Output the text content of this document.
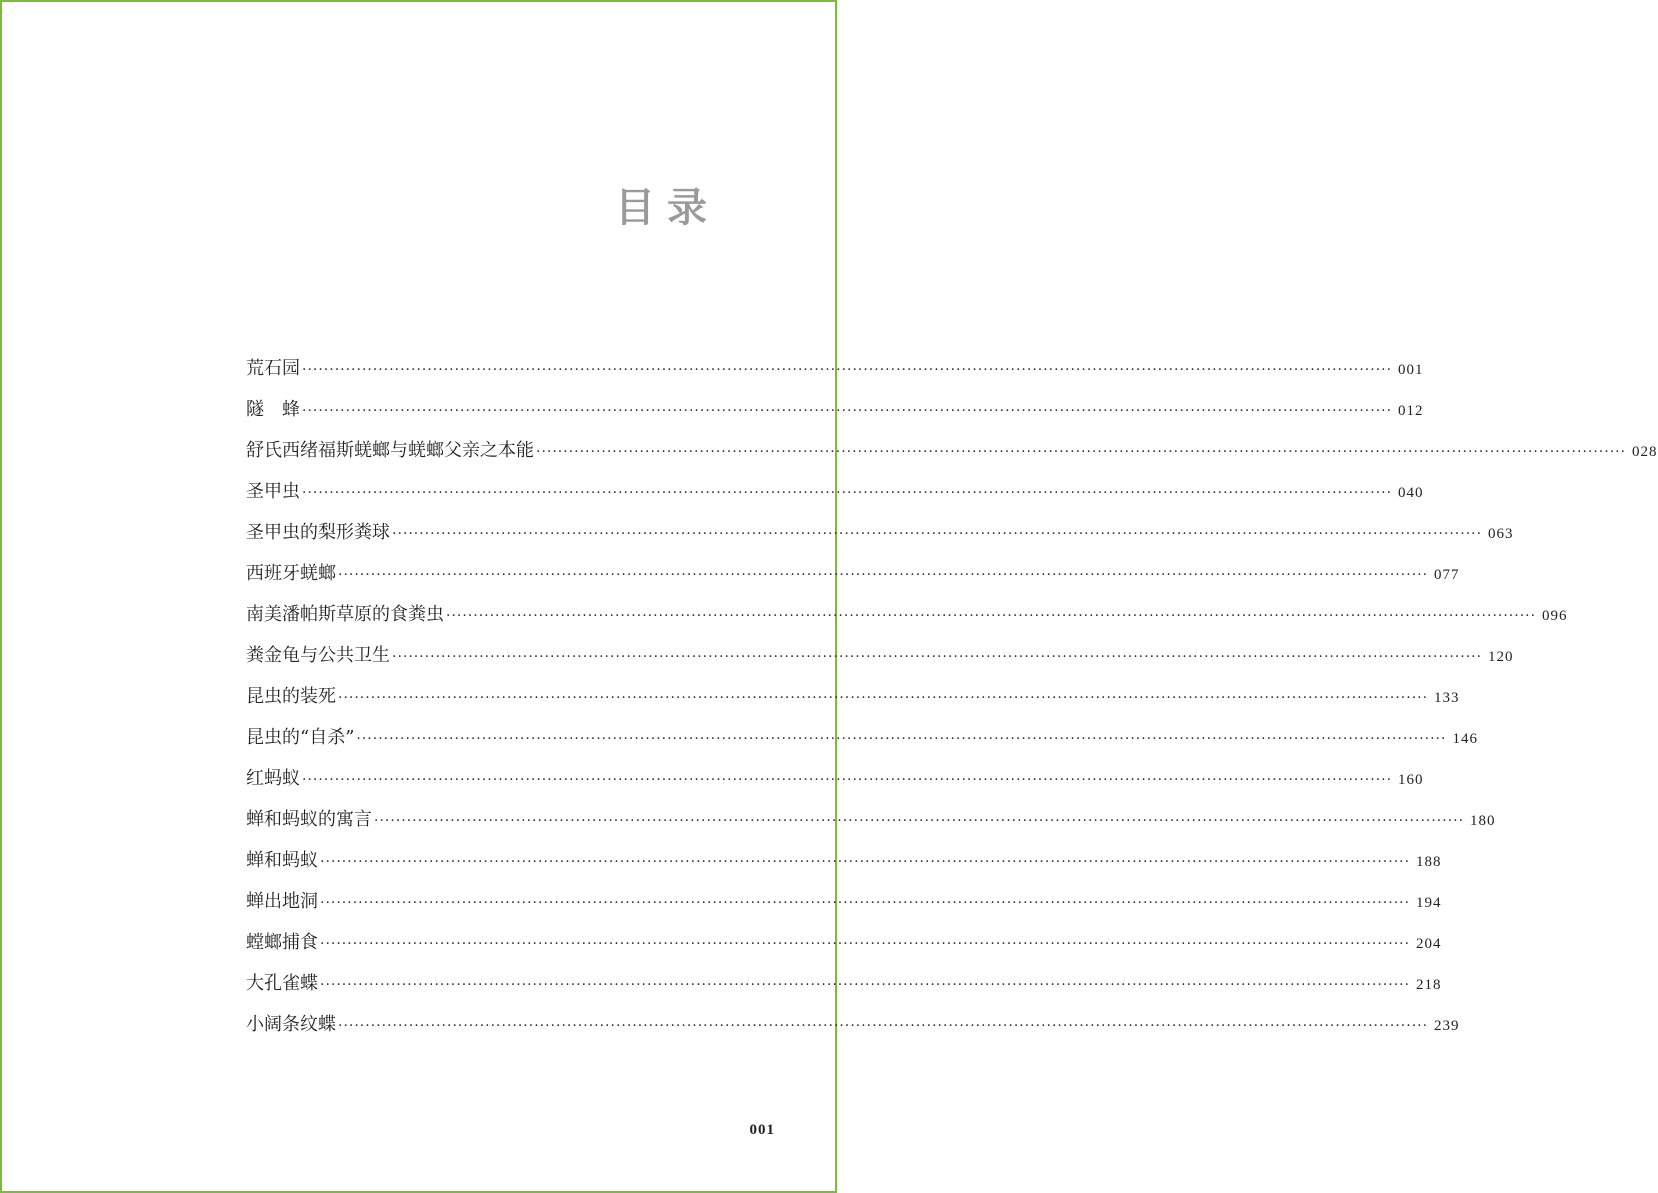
目录
荒石园 ········································································································································································································ 001
隧　蜂 ········································································································································································································ 012
舒氏西绪福斯蜣螂与蜣螂父亲之本能 ········································································································································································································ 028
圣甲虫 ········································································································································································································ 040
圣甲虫的梨形粪球 ········································································································································································································ 063
西班牙蜣螂 ········································································································································································································ 077
南美潘帕斯草原的食粪虫 ········································································································································································································ 096
粪金龟与公共卫生 ········································································································································································································ 120
昆虫的装死 ········································································································································································································ 133
昆虫的“自杀” ········································································································································································································ 146
红蚂蚁 ········································································································································································································ 160
蝉和蚂蚁的寓言 ········································································································································································································ 180
蝉和蚂蚁 ········································································································································································································ 188
蝉出地洞 ········································································································································································································ 194
螳螂捕食 ········································································································································································································ 204
大孔雀蝶 ········································································································································································································ 218
小阔条纹蝶 ········································································································································································································ 239
001
